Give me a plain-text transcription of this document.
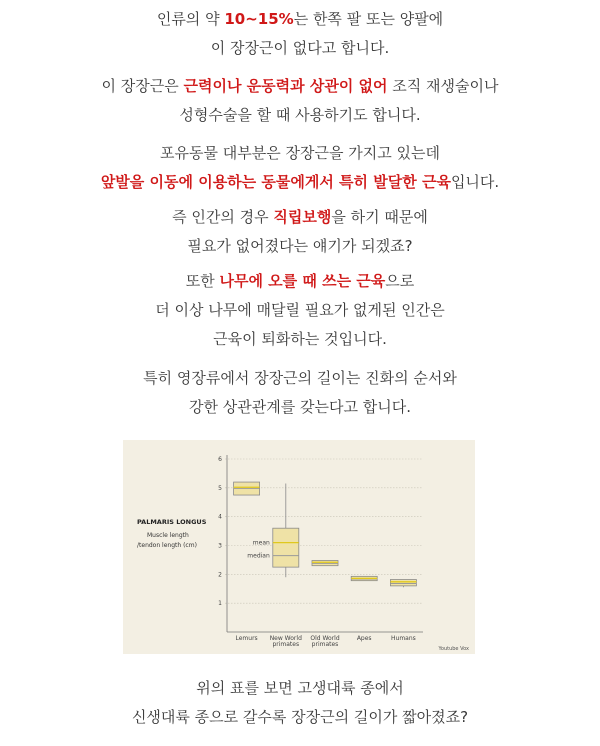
인류의 약 10~15%는 한쪽 팔 또는 양팔에
이 장장근이 없다고 합니다.
이 장장근은 근력이나 운동력과 상관이 없어 조직 재생술이나
성형수술을 할 때 사용하기도 합니다.
포유동물 대부분은 장장근을 가지고 있는데
앞발을 이동에 이용하는 동물에게서 특히 발달한 근육입니다.
즉 인간의 경우 직립보행을 하기 때문에
필요가 없어졌다는 얘기가 되겠죠?
또한 나무에 오를 때 쓰는 근육으로
더 이상 나무에 매달릴 필요가 없게된 인간은
근육이 퇴화하는 것입니다.
특히 영장류에서 장장근의 길이는 진화의 순서와
강한 상관관계를 갖는다고 합니다.
PALMARIS LONGUS
Muscle length
/tendon length (cm)
Youtube Vox
1
2
3
4
5
6
Lemurs New World
primates
Old World
primates
Apes	Humans
mean
median
위의 표를 보면 고생대륙 종에서
신생대륙 종으로 갈수록 장장근의 길이가 짧아졌죠?
